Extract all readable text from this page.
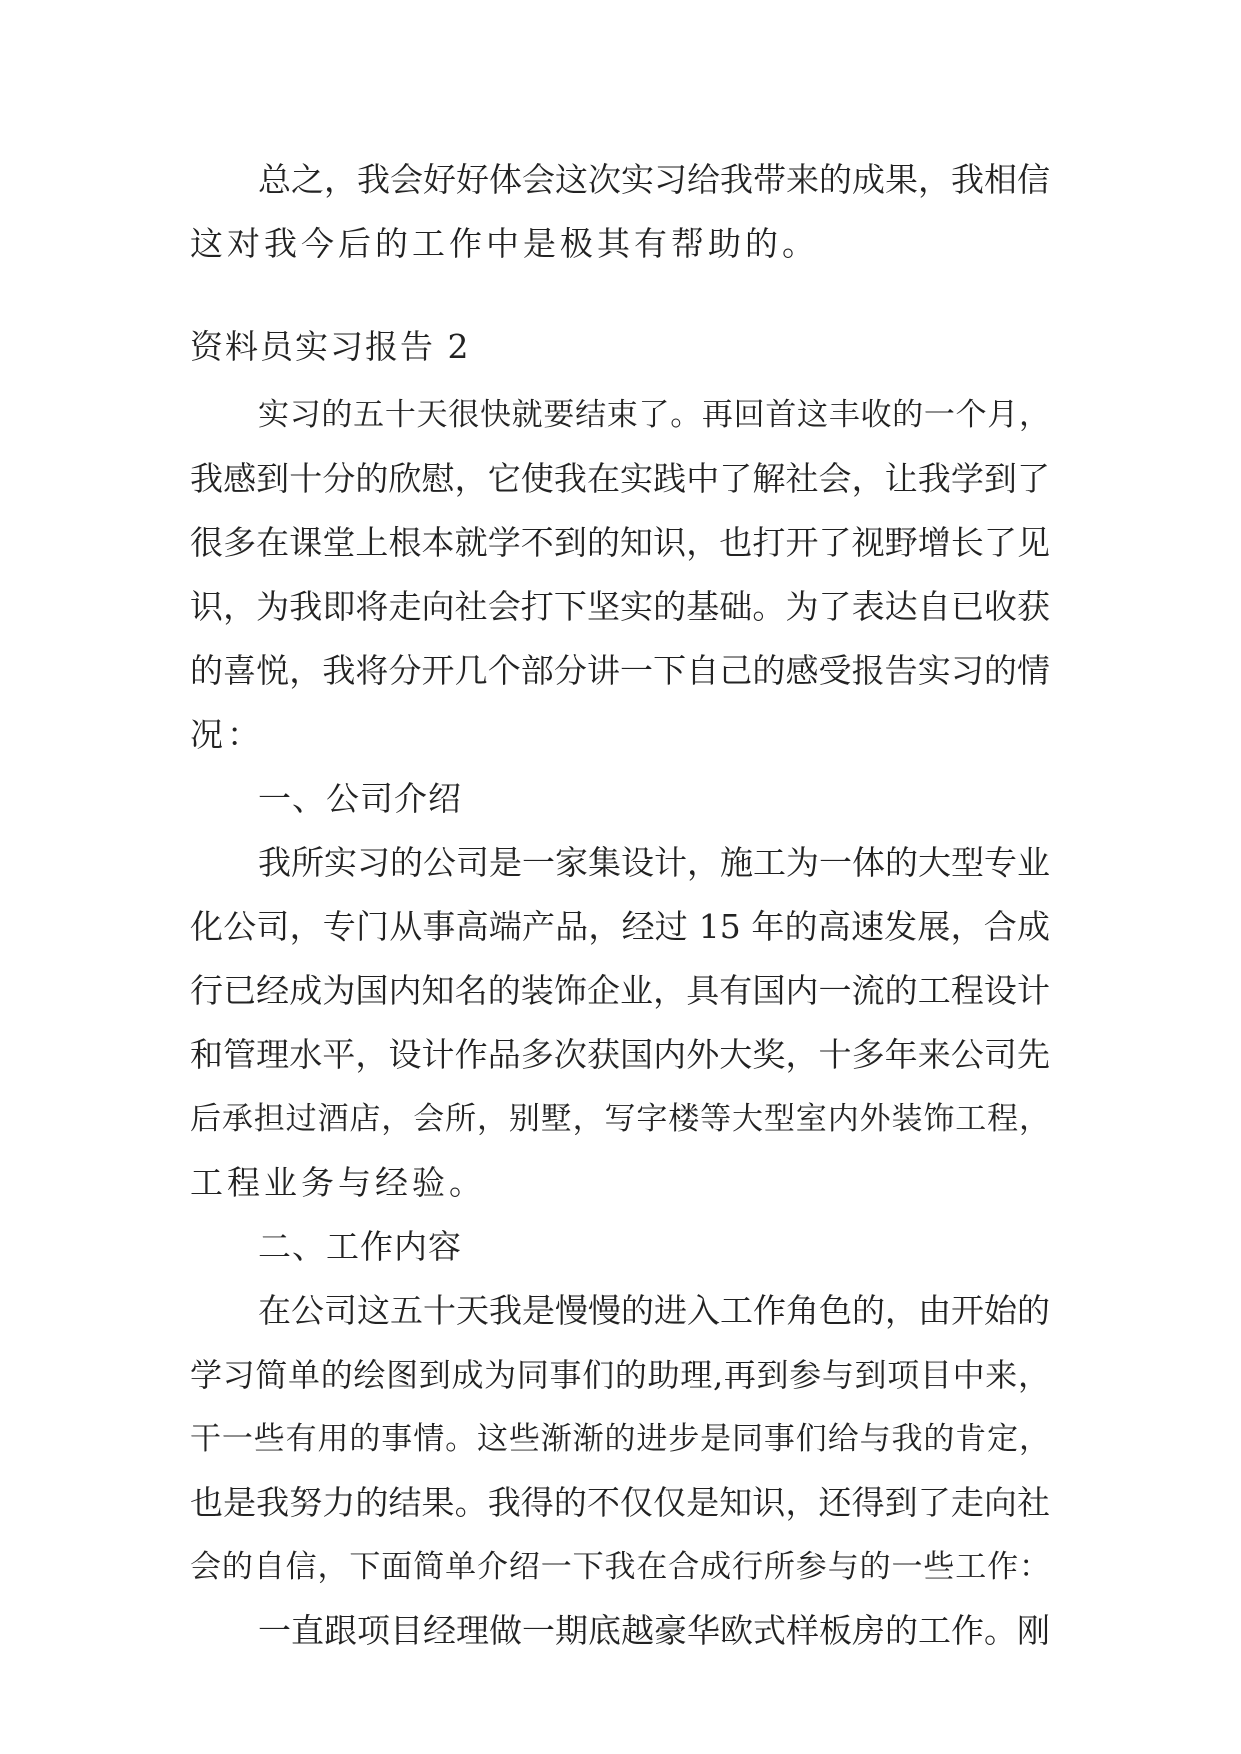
总之，我会好好体会这次实习给我带来的成果，我相信
这对我今后的工作中是极其有帮助的。
资料员实习报告 2
实习的五十天很快就要结束了。再回首这丰收的一个月，
我感到十分的欣慰，它使我在实践中了解社会，让我学到了
很多在课堂上根本就学不到的知识，也打开了视野增长了见
识，为我即将走向社会打下坚实的基础。为了表达自已收获
的喜悦，我将分开几个部分讲一下自己的感受报告实习的情
况：
一、公司介绍
我所实习的公司是一家集设计，施工为一体的大型专业
化公司，专门从事高端产品，经过 15 年的高速发展，合成
行已经成为国内知名的装饰企业，具有国内一流的工程设计
和管理水平，设计作品多次获国内外大奖，十多年来公司先
后承担过酒店，会所，别墅，写字楼等大型室内外装饰工程，
工程业务与经验。
二、工作内容
在公司这五十天我是慢慢的进入工作角色的，由开始的
学习简单的绘图到成为同事们的助理,再到参与到项目中来，
干一些有用的事情。这些渐渐的进步是同事们给与我的肯定，
也是我努力的结果。我得的不仅仅是知识，还得到了走向社
会的自信，下面简单介绍一下我在合成行所参与的一些工作：
一直跟项目经理做一期底越豪华欧式样板房的工作。刚
